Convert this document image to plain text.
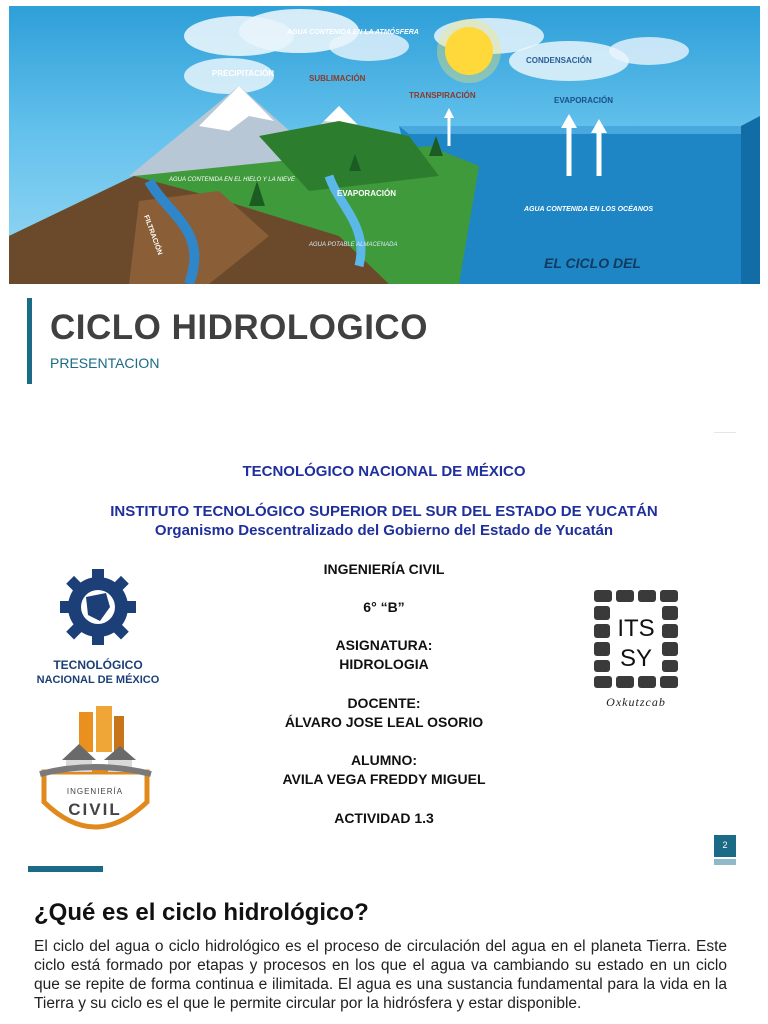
AGUA CONTENIDA EN LA ATMÓSFERA
PRECIPITACIÓN
SUBLIMACIÓN
TRANSPIRACIÓN
CONDENSACIÓN
EVAPORACIÓN
EVAPORACIÓN
AGUA CONTENIDA EN EL HIELO Y LA NIEVE
AGUA CONTENIDA EN LOS OCÉANOS
FILTRACIÓN	AGUA POTABLE ALMACENADA
EL CICLO DEL
CICLO HIDROLOGICO
PRESENTACION
TECNOLÓGICO NACIONAL DE MÉXICO
INSTITUTO TECNOLÓGICO SUPERIOR DEL SUR DEL ESTADO DE YUCATÁN
Organismo Descentralizado del Gobierno del Estado de Yucatán
INGENIERÍA CIVIL
6° “B”
ASIGNATURA:
HIDROLOGIA
DOCENTE:
ÁLVARO JOSE LEAL OSORIO
ALUMNO:
AVILA VEGA FREDDY MIGUEL
ACTIVIDAD 1.3
TECNOLÓGICO
NACIONAL DE MÉXICO
INGENIERÍA
CIVIL
ITS
SY
Oxkutzcab
2
¿Qué es el ciclo hidrológico?
El ciclo del agua o ciclo hidrológico es el proceso de circulación del agua en el planeta Tierra. Este ciclo está formado por etapas y procesos en los que el agua va cambiando su estado en un ciclo que se repite de forma continua e ilimitada. El agua es una sustancia fundamental para la vida en la Tierra y su ciclo es el que le permite circular por la hidrósfera y estar disponible.
